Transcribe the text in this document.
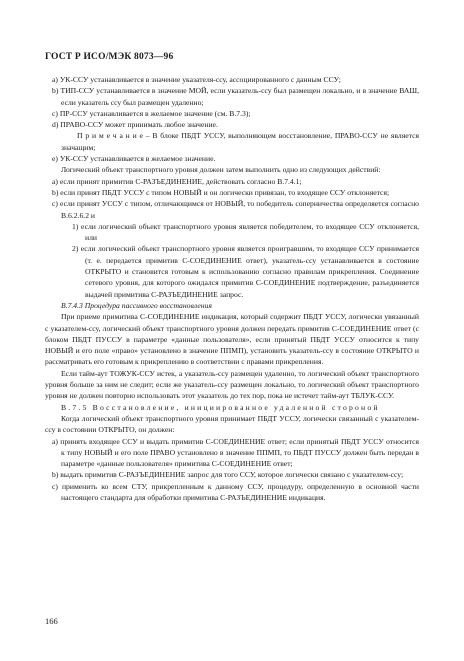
ГОСТ Р ИСО/МЭК 8073—96

a) УК-ССУ устанавливается в значение указателя-ссу, ассоциированного с данным ССУ;

b) ТИП-ССУ устанавливается в значение МОЙ, если указатель-ссу был размещен локально, и в значение ВАШ, если указатель ссу был размещен удаленно;

c) ПР-ССУ устанавливается в желаемое значение (см. В.7.3);

d) ПРАВО-ССУ может принимать любое значение.

П р и м е ч а н и е – В блоке ПБДТ УССУ, выполняющем восстановление, ПРАВО-ССУ не является значащим;

e) УК-ССУ устанавливается в желаемое значение.

Логический объект транспортного уровня должен затем выполнить одно из следующих действий:

a) если принят примитив С-РАЗЪЕДИНЕНИЕ, действовать согласно В.7.4.1;

b) если принят ПБДТ УССУ с типом НОВЫЙ и он логически привязан, то входящее ССУ отклоняется;

c) если принят УССУ с типом, отличающимся от НОВЫЙ, то победитель соперничества определяется согласно В.6.2.6.2 и

1) если логический объект транспортного уровня является победителем, то входящее ССУ отклоняется, или

2) если логический объект транспортного уровня является проигравшим, то входящее ССУ принимается (т. е. передается примитив С-СОЕДИНЕНИЕ ответ), указатель-ссу устанавливается в состояние ОТКРЫТО и становится готовым к использованию согласно правилам прикрепления. Соединение сетевого уровня, для которого ожидался примитив С-СОЕДИНЕНИЕ подтверждение, разъединяется выдачей примитива С-РАЗЪЕДИНЕНИЕ запрос.

В.7.4.3 Процедура пассивного восстановления

При приеме примитива С-СОЕДИНЕНИЕ индикация, который содержит ПБДТ УССУ, логически увязанный с указателем-ссу, логический объект транспортного уровня должен передать примитив С-СОЕДИНЕНИЕ ответ (с блоком ПБДТ ПУССУ в параметре «данные пользователя», если принятый ПБДТ УССУ относится к типу НОВЫЙ и его поле «право» установлено в значение ППМП), установить указатель-ссу в состояние ОТКРЫТО и рассматривать его готовым к прикреплению в соответствии с правами прикрепления.

Если тайм-аут ТОЖУК-ССУ истек, а указатель-ссу размещен удаленно, то логический объект транспортного уровня больше за ним не следит; если же указатель-ссу размещен локально, то логический объект транспортного уровня не должен повторно использовать этот указатель до тех пор, пока не истечет тайм-аут ТБЛУК-ССУ.

В.7.5 Восстановление, инициированное удаленной стороной

Когда логический объект транспортного уровня принимает ПБДТ УССУ, логически связанный с указателем-ссу в состоянии ОТКРЫТО, он должен:

a) принять входящее ССУ и выдать примитив С-СОЕДИНЕНИЕ ответ; если принятый ПБДТ УССУ относится к типу НОВЫЙ и его поле ПРАВО установлено в значение ППМП, то ПБДТ ПУССУ должен быть передан в параметре «данные пользователя» примитива С-СОЕДИНЕНИЕ ответ;

b) выдать примитив С-РАЗЪЕДИНЕНИЕ запрос для того ССУ, которое логически связано с указателем-ссу;

c) применить ко всем СТУ, прикрепленным к данному ССУ, процедуру, определенную в основной части настоящего стандарта для обработки примитива С-РАЗЪЕДИНЕНИЕ индикация.

166
